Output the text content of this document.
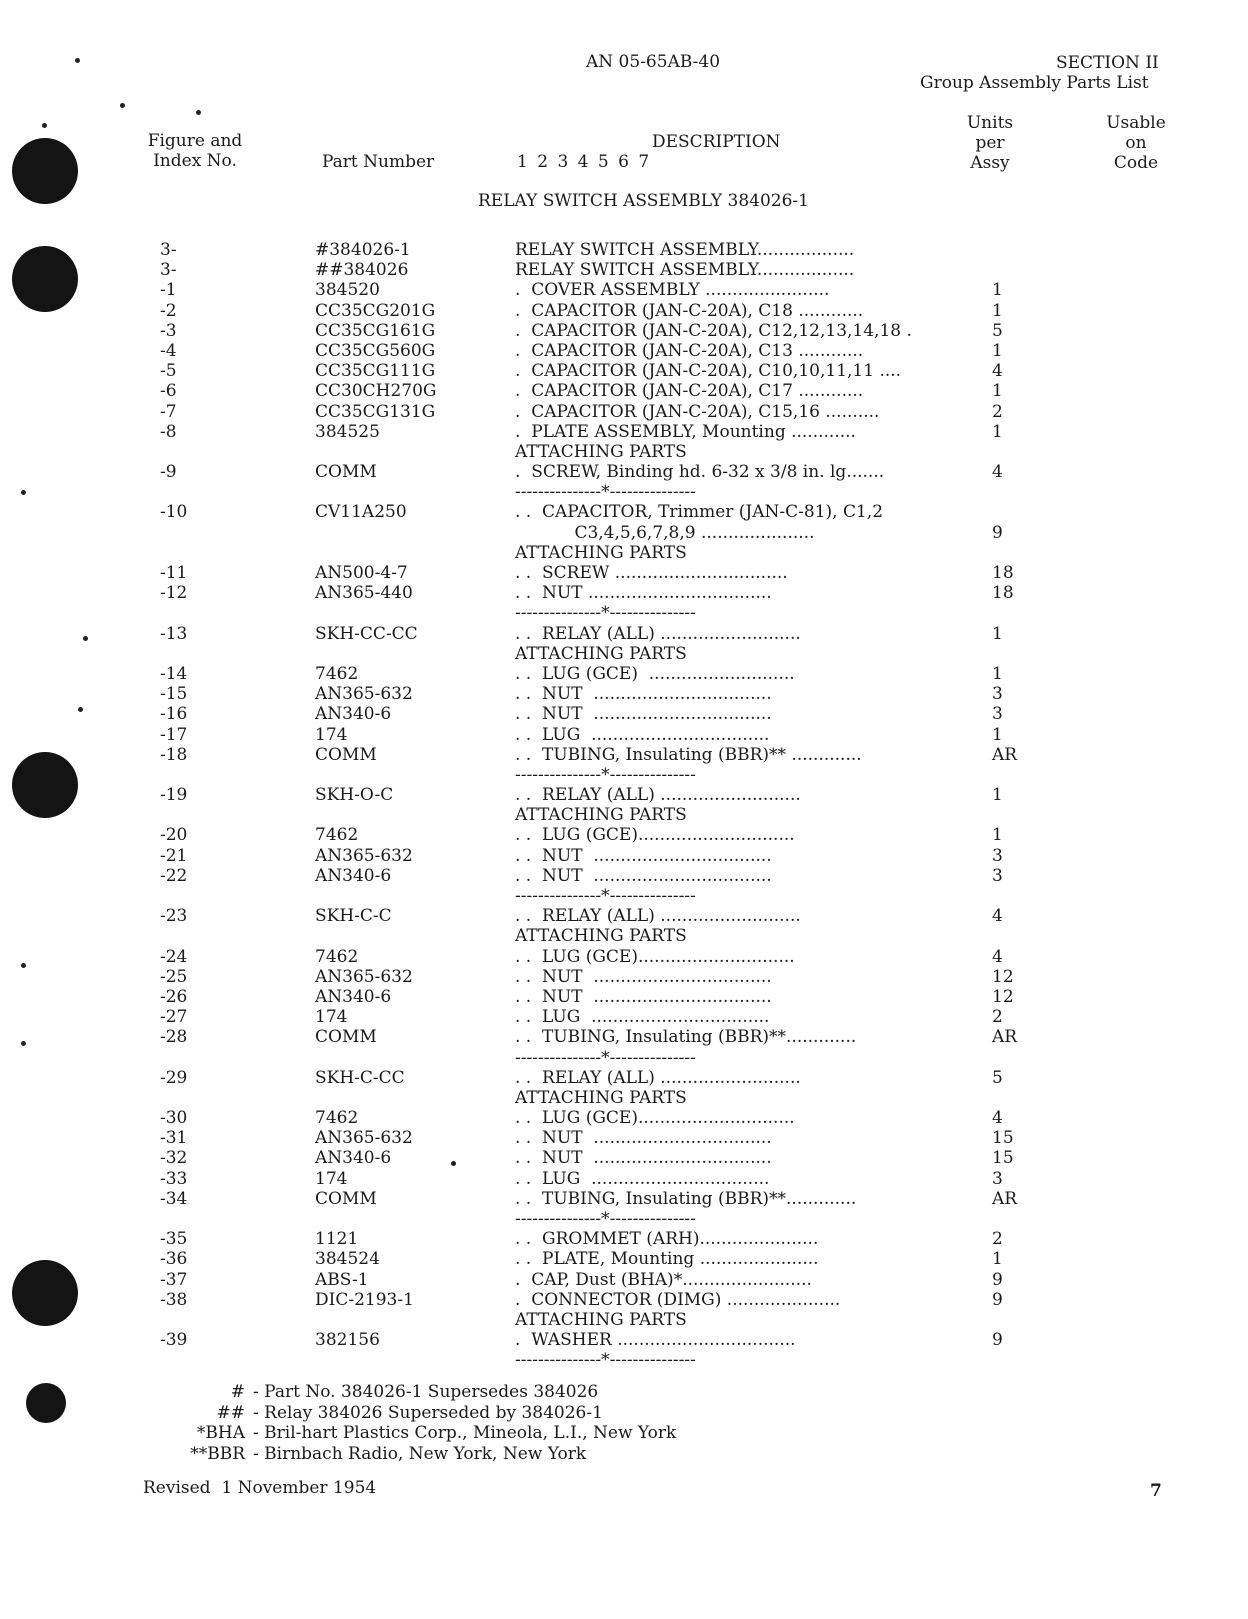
AN 05-65AB-40	SECTION II
Group Assembly Parts List
Figure and
Index No.	Part Number
DESCRIPTION
1 2 3 4 5 6 7
Units
per
Assy
Usable
on
Code
RELAY SWITCH ASSEMBLY 384026-1
3-	#384026-1	RELAY SWITCH ASSEMBLY..................
3-	##384026	RELAY SWITCH ASSEMBLY..................
-1	384520	.  COVER ASSEMBLY .......................	1
-2	CC35CG201G	.  CAPACITOR (JAN-C-20A), C18 ............	1
-3	CC35CG161G	.  CAPACITOR (JAN-C-20A), C12,12,13,14,18 .	5
-4	CC35CG560G	.  CAPACITOR (JAN-C-20A), C13 ............	1
-5	CC35CG111G	.  CAPACITOR (JAN-C-20A), C10,10,11,11 ....	4
-6	CC30CH270G	.  CAPACITOR (JAN-C-20A), C17 ............	1
-7	CC35CG131G	.  CAPACITOR (JAN-C-20A), C15,16 ..........	2
-8	384525	.  PLATE ASSEMBLY, Mounting ............	1
ATTACHING PARTS
-9	COMM	.  SCREW, Binding hd. 6-32 x 3/8 in. lg.......	4
---------------*---------------
-10	CV11A250	. .  CAPACITOR, Trimmer (JAN-C-81), C1,2
C3,4,5,6,7,8,9 .....................	9
ATTACHING PARTS
-11	AN500-4-7	. .  SCREW ................................	18
-12	AN365-440	. .  NUT ..................................	18
---------------*---------------
-13	SKH-CC-CC	. .  RELAY (ALL) ..........................	1
ATTACHING PARTS
-14	7462	. .  LUG (GCE)  ...........................	1
-15	AN365-632	. .  NUT  .................................	3
-16	AN340-6	. .  NUT  .................................	3
-17	174	. .  LUG  .................................	1
-18	COMM	. .  TUBING, Insulating (BBR)** .............	AR
---------------*---------------
-19	SKH-O-C	. .  RELAY (ALL) ..........................	1
ATTACHING PARTS
-20	7462	. .  LUG (GCE).............................	1
-21	AN365-632	. .  NUT  .................................	3
-22	AN340-6	. .  NUT  .................................	3
---------------*---------------
-23	SKH-C-C	. .  RELAY (ALL) ..........................	4
ATTACHING PARTS
-24	7462	. .  LUG (GCE).............................	4
-25	AN365-632	. .  NUT  .................................	12
-26	AN340-6	. .  NUT  .................................	12
-27	174	. .  LUG  .................................	2
-28	COMM	. .  TUBING, Insulating (BBR)**.............	AR
---------------*---------------
-29	SKH-C-CC	. .  RELAY (ALL) ..........................	5
ATTACHING PARTS
-30	7462	. .  LUG (GCE).............................	4
-31	AN365-632	. .  NUT  .................................	15
-32	AN340-6	. .  NUT  .................................	15
-33	174	. .  LUG  .................................	3
-34	COMM	. .  TUBING, Insulating (BBR)**.............	AR
---------------*---------------
-35	1121	. .  GROMMET (ARH)......................	2
-36	384524	. .  PLATE, Mounting ......................	1
-37	ABS-1	.  CAP, Dust (BHA)*........................	9
-38	DIC-2193-1	.  CONNECTOR (DIMG) .....................	9
ATTACHING PARTS
-39	382156	.  WASHER .................................	9
---------------*---------------
# - Part No. 384026-1 Supersedes 384026
## - Relay 384026 Superseded by 384026-1
*BHA - Bril-hart Plastics Corp., Mineola, L.I., New York
**BBR - Birnbach Radio, New York, New York
Revised  1 November 1954	7
